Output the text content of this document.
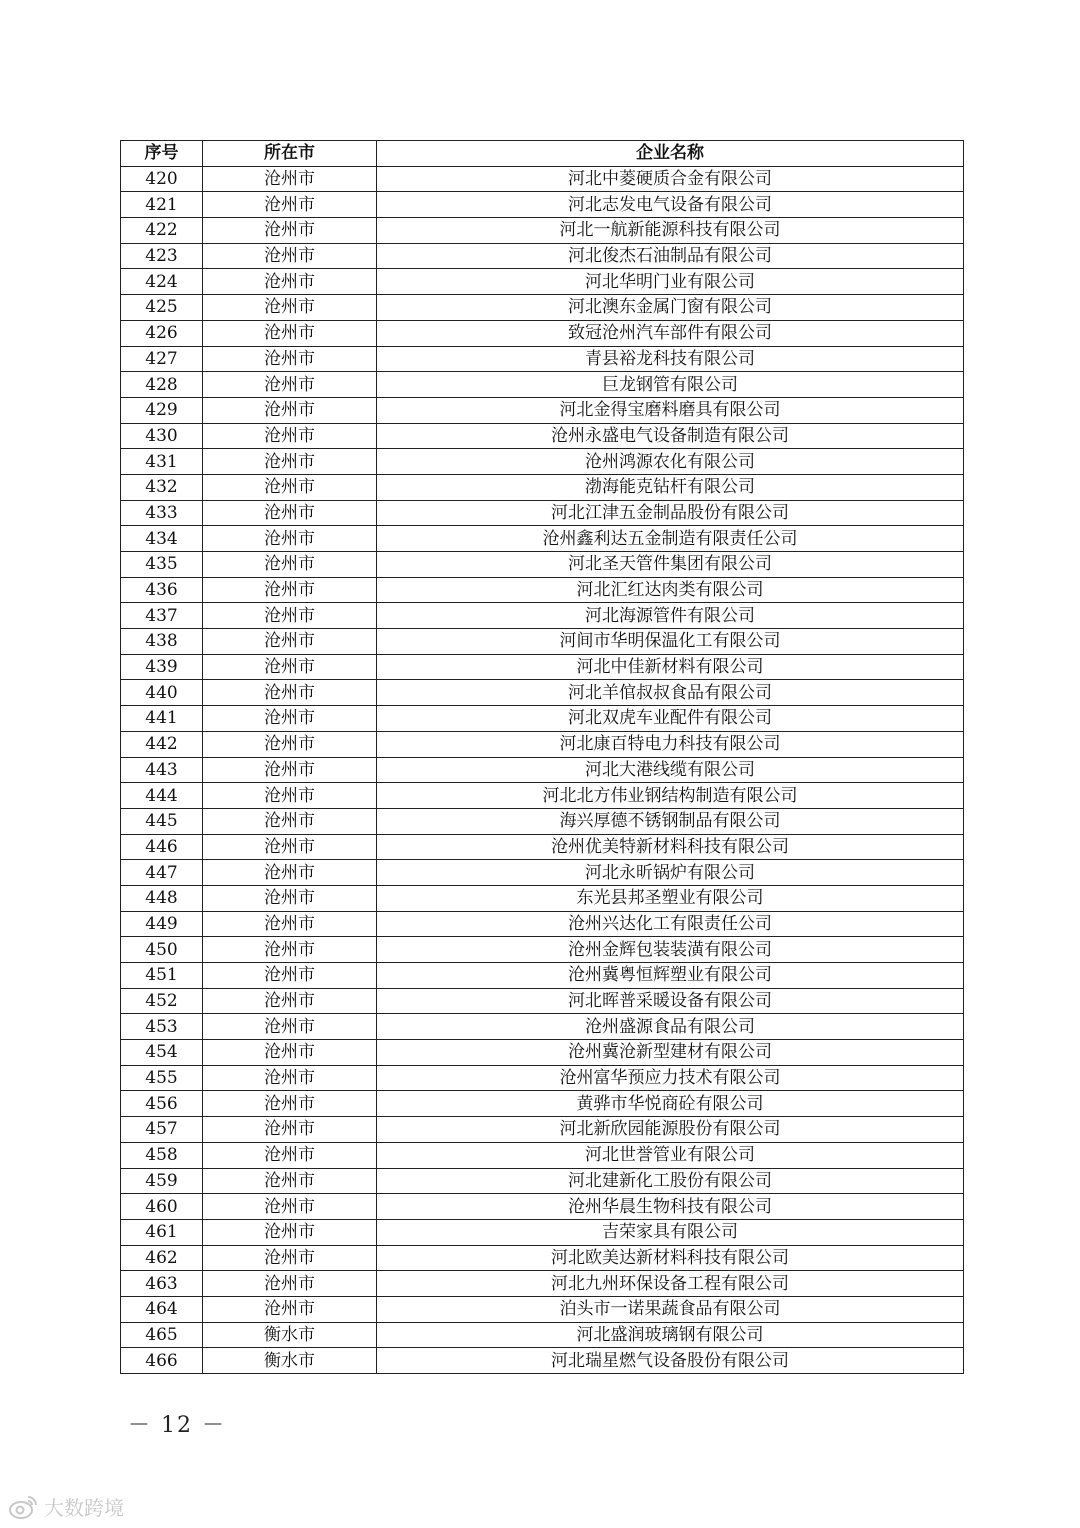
序号	所在市	企业名称
420	沧州市	河北中菱硬质合金有限公司
421	沧州市	河北志发电气设备有限公司
422	沧州市	河北一航新能源科技有限公司
423	沧州市	河北俊杰石油制品有限公司
424	沧州市	河北华明门业有限公司
425	沧州市	河北澳东金属门窗有限公司
426	沧州市	致冠沧州汽车部件有限公司
427	沧州市	青县裕龙科技有限公司
428	沧州市	巨龙钢管有限公司
429	沧州市	河北金得宝磨料磨具有限公司
430	沧州市	沧州永盛电气设备制造有限公司
431	沧州市	沧州鸿源农化有限公司
432	沧州市	渤海能克钻杆有限公司
433	沧州市	河北江津五金制品股份有限公司
434	沧州市	沧州鑫利达五金制造有限责任公司
435	沧州市	河北圣天管件集团有限公司
436	沧州市	河北汇红达肉类有限公司
437	沧州市	河北海源管件有限公司
438	沧州市	河间市华明保温化工有限公司
439	沧州市	河北中佳新材料有限公司
440	沧州市	河北羊倌叔叔食品有限公司
441	沧州市	河北双虎车业配件有限公司
442	沧州市	河北康百特电力科技有限公司
443	沧州市	河北大港线缆有限公司
444	沧州市	河北北方伟业钢结构制造有限公司
445	沧州市	海兴厚德不锈钢制品有限公司
446	沧州市	沧州优美特新材料科技有限公司
447	沧州市	河北永昕锅炉有限公司
448	沧州市	东光县邦圣塑业有限公司
449	沧州市	沧州兴达化工有限责任公司
450	沧州市	沧州金辉包装装潢有限公司
451	沧州市	沧州冀粤恒辉塑业有限公司
452	沧州市	河北晖普采暖设备有限公司
453	沧州市	沧州盛源食品有限公司
454	沧州市	沧州冀沧新型建材有限公司
455	沧州市	沧州富华预应力技术有限公司
456	沧州市	黄骅市华悦商砼有限公司
457	沧州市	河北新欣园能源股份有限公司
458	沧州市	河北世誉管业有限公司
459	沧州市	河北建新化工股份有限公司
460	沧州市	沧州华晨生物科技有限公司
461	沧州市	吉荣家具有限公司
462	沧州市	河北欧美达新材料科技有限公司
463	沧州市	河北九州环保设备工程有限公司
464	沧州市	泊头市一诺果蔬食品有限公司
465	衡水市	河北盛润玻璃钢有限公司
466	衡水市	河北瑞星燃气设备股份有限公司
－ 12 －
大数跨境
